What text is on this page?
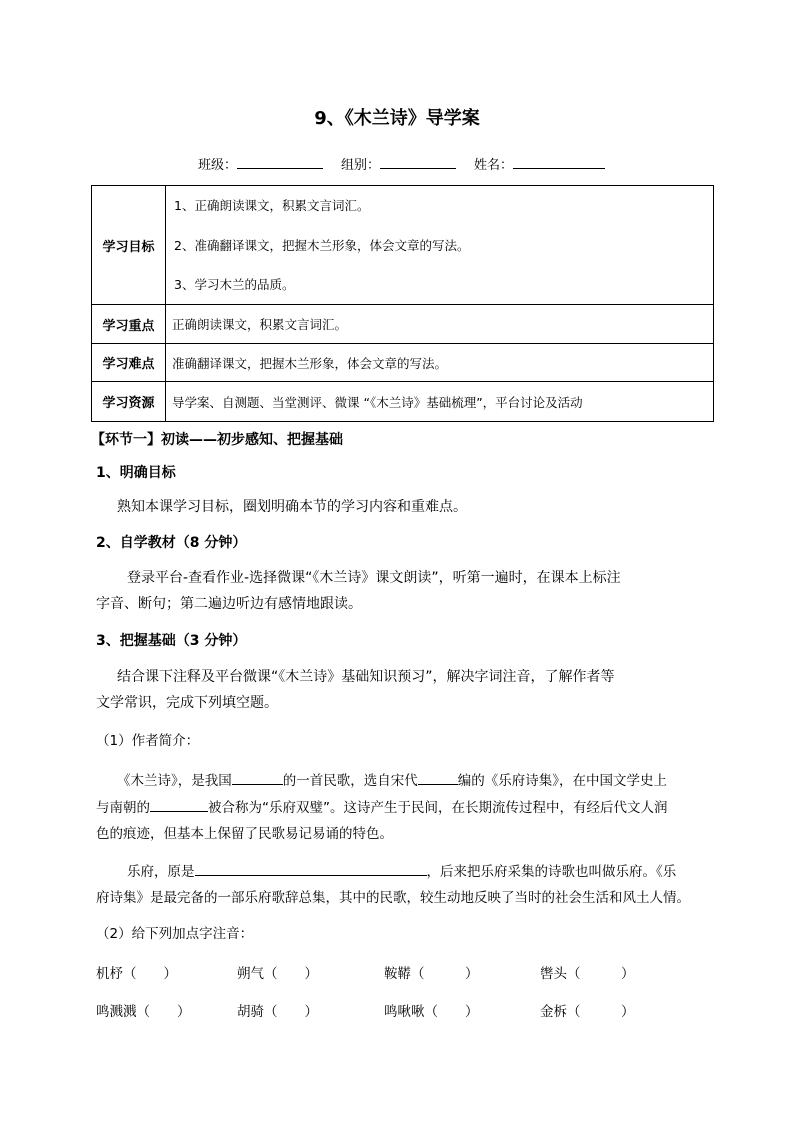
9、《木兰诗》导学案
班级：	组别：	姓名：
学习目标	1、正确朗读课文，积累文言词汇。
2、准确翻译课文，把握木兰形象，体会文章的写法。
3、学习木兰的品质。

学习重点	正确朗读课文，积累文言词汇。
学习难点	准确翻译课文，把握木兰形象，体会文章的写法。
学习资源	导学案、自测题、当堂测评、微课 “《木兰诗》基础梳理”，平台讨论及活动
【环节一】初读——初步感知、把握基础
1、明确目标
熟知本课学习目标，圈划明确本节的学习内容和重难点。
2、自学教材（8 分钟）
登录平台-查看作业-选择微课“《木兰诗》课文朗读”，听第一遍时，在课本上标注
字音、断句；第二遍边听边有感情地跟读。
3、把握基础（3 分钟）
结合课下注释及平台微课“《木兰诗》基础知识预习”，解决字词注音，了解作者等
文学常识，完成下列填空题。
（1）作者简介：
《木兰诗》，是我国	的一首民歌，选自宋代	编的《乐府诗集》，在中国文学史上
与南朝的	被合称为“乐府双璧”。这诗产生于民间，在长期流传过程中，有经后代文人润
色的痕迹，但基本上保留了民歌易记易诵的特色。
乐府，原是	，后来把乐府采集的诗歌也叫做乐府。《乐
府诗集》是最完备的一部乐府歌辞总集，其中的民歌，较生动地反映了当时的社会生活和风土人情。
（2）给下列加点字注音：
机杼（　　）	朔气（　　）	鞍鞯（　　　）	辔头（　　　）
鸣溅溅（　　）	胡骑（　　）	鸣啾啾（　　）	金柝（　　　）
